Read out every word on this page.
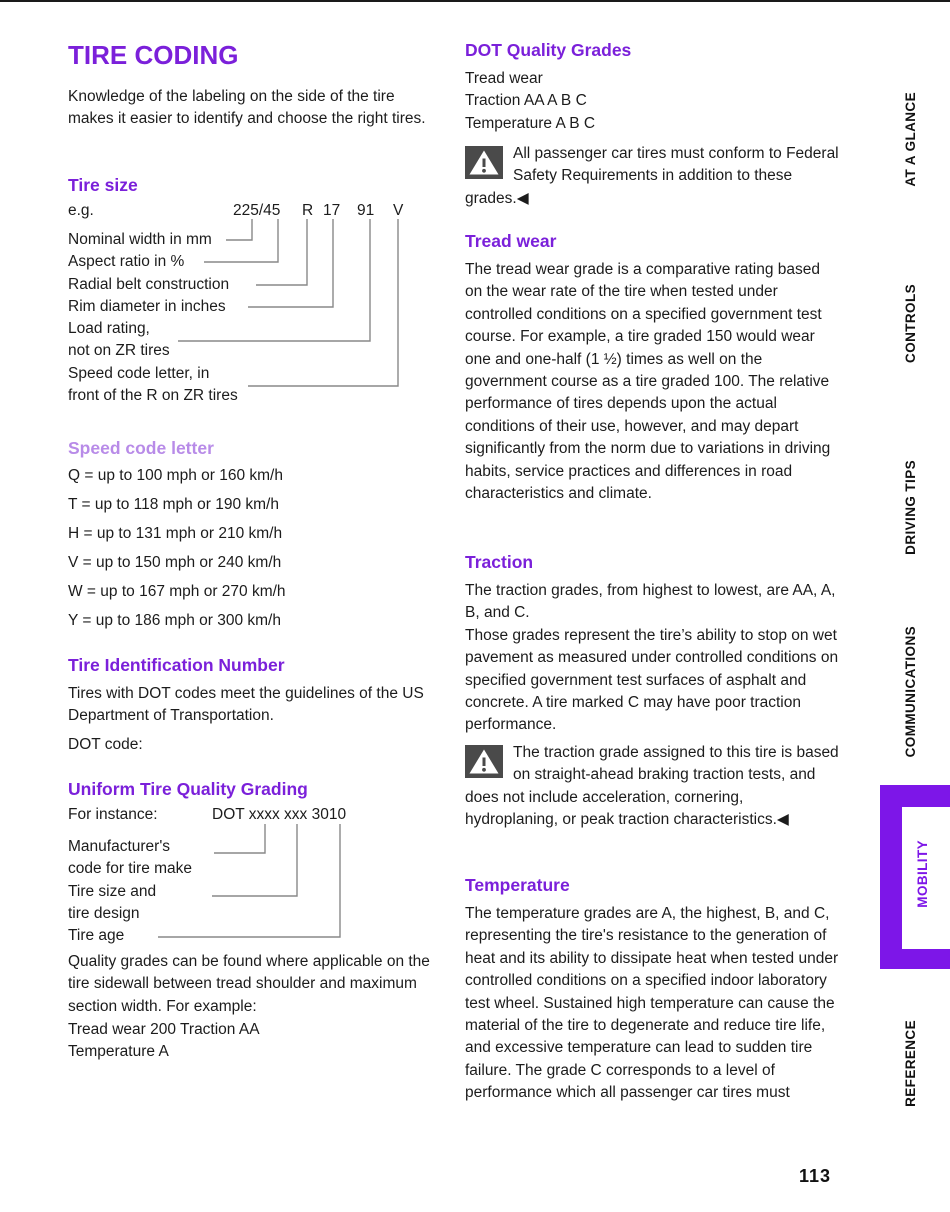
TIRE CODING

Knowledge of the labeling on the side of the tire makes it easier to identify and choose the right tires.

Tire size
e.g.	225/45 R 17 91 V
Nominal width in mm
Aspect ratio in %
Radial belt construction
Rim diameter in inches
Load rating,
not on ZR tires
Speed code letter, in
front of the R on ZR tires
Speed code letter
Q = up to 100 mph or 160 km/h
T = up to 118 mph or 190 km/h
H = up to 131 mph or 210 km/h
V = up to 150 mph or 240 km/h
W = up to 167 mph or 270 km/h
Y = up to 186 mph or 300 km/h
Tire Identification Number

Tires with DOT codes meet the guidelines of the US Department of Transportation.

DOT code:

Uniform Tire Quality Grading
For instance:	DOT xxxx xxx 3010
Manufacturer's
code for tire make
Tire size and
tire design
Tire age

Quality grades can be found where applicable on the tire sidewall between tread shoulder and maximum section width. For example:

Tread wear 200 Traction AA
Temperature A
DOT Quality Grades
Tread wear
Traction AA A B C
Temperature A B C

All passenger car tires must conform to Federal Safety Requirements in addition to these grades.◀

Tread wear

The tread wear grade is a comparative rating based on the wear rate of the tire when tested under controlled conditions on a specified government test course. For example, a tire graded 150 would wear one and one-half (1 ½) times as well on the government course as a tire graded 100. The relative performance of tires depends upon the actual conditions of their use, however, and may depart significantly from the norm due to variations in driving habits, service practices and differences in road characteristics and climate.

Traction

The traction grades, from highest to lowest, are AA, A, B, and C.

Those grades represent the tire’s ability to stop on wet pavement as measured under controlled conditions on specified government test surfaces of asphalt and concrete. A tire marked C may have poor traction performance.

The traction grade assigned to this tire is based on straight-ahead braking traction tests, and does not include acceleration, cornering, hydroplaning, or peak traction characteristics.◀

Temperature

The temperature grades are A, the highest, B, and C, representing the tire's resistance to the generation of heat and its ability to dissipate heat when tested under controlled conditions on a specified indoor laboratory test wheel. Sustained high temperature can cause the material of the tire to degenerate and reduce tire life, and excessive temperature can lead to sudden tire failure. The grade C corresponds to a level of performance which all passenger car tires must

AT A GLANCE
CONTROLS
DRIVING TIPS
COMMUNICATIONS
MOBILITY
REFERENCE
113
